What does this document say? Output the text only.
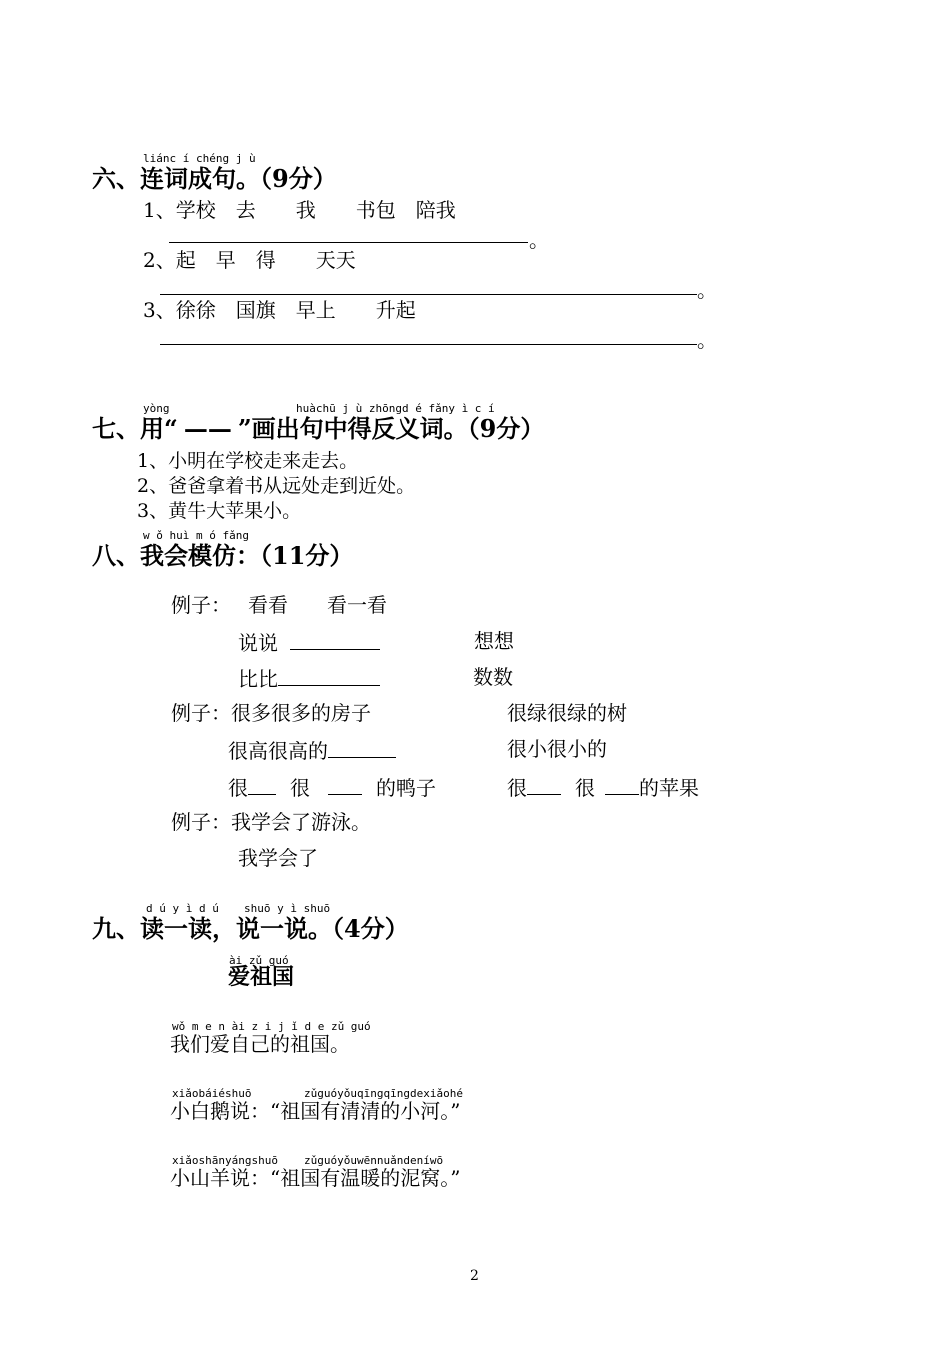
liánc í chéng j ù
六、连词成句。（9分）
1、学校　去　　我　　书包　陪我
。
2、起　早　得　　天天
。
3、徐徐　国旗　早上　　升起
。
yòng	huàchū j ù zhōngd é fǎny ì c í
七、用“ —— ”画出句中得反义词。（9分）
1、小明在学校走来走去。
2、爸爸拿着书从远处走到近处。
3、黄牛大苹果小。
w ǒ huì m ó fǎng
八、我会模仿：（11分）
例子： 看看 看一看
说说	想想
比比	数数
例子：很多很多的房子	很绿很绿的树
很高很高的	很小很小的
很 很	的鸭子	很 很 的苹果
例子：我学会了游泳。
我学会了
d ú y ì d ú shuō y ì shuō
九、读一读，说一说。（4分）
ài zǔ guó
爱祖国
wǒ m e n ài z i j ǐ d e zǔ guó
我们爱自己的祖国。
xiǎobáiéshuō	zǔguóyǒuqīngqīngdexiǎohé
小白鹅说：“祖国有清清的小河。”
xiǎoshānyángshuō zǔguóyǒuwēnnuǎndeníwō
小山羊说：“祖国有温暖的泥窝。”
2
